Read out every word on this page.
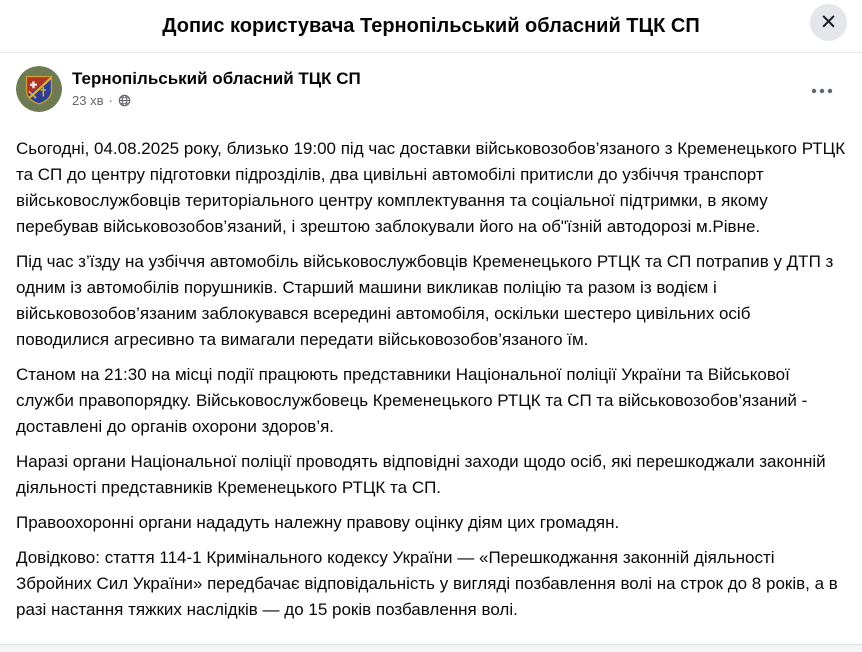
Допис користувача Тернопільський обласний ТЦК СП	✕
Тернопільський обласний ТЦК СП
23 хв ·

Сьогодні, 04.08.2025 року, близько 19:00 під час доставки військовозобов’язаного з Кременецького РТЦК та СП до центру підготовки підрозділів, два цивільні автомобілі притисли до узбіччя транспорт військовослужбовців територіального центру комплектування та соціальної підтримки, в якому перебував військовозобов’язаний, і зрештою заблокували його на об"їзній автодорозі м.Рівне.

Під час з’їзду на узбіччя автомобіль військовослужбовців Кременецького РТЦК та СП потрапив у ДТП з одним із автомобілів порушників. Старший машини викликав поліцію та разом із водієм і військовозобов’язаним заблокувався всередині автомобіля, оскільки шестеро цивільних осіб поводилися агресивно та вимагали передати військовозобов’язаного їм.

Станом на 21:30 на місці події працюють представники Національної поліції України та Військової служби правопорядку. Військовослужбовець Кременецького РТЦК та СП та військовозобов’язаний - доставлені до органів охорони здоров’я.

Наразі органи Національної поліції проводять відповідні заходи щодо осіб, які перешкоджали законній діяльності представників Кременецького РТЦК та СП.

Правоохоронні органи нададуть належну правову оцінку діям цих громадян.

Довідково: стаття 114-1 Кримінального кодексу України — «Перешкоджання законній діяльності Збройних Сил України» передбачає відповідальність у вигляді позбавлення волі на строк до 8 років, а в разі настання тяжких наслідків — до 15 років позбавлення волі.
